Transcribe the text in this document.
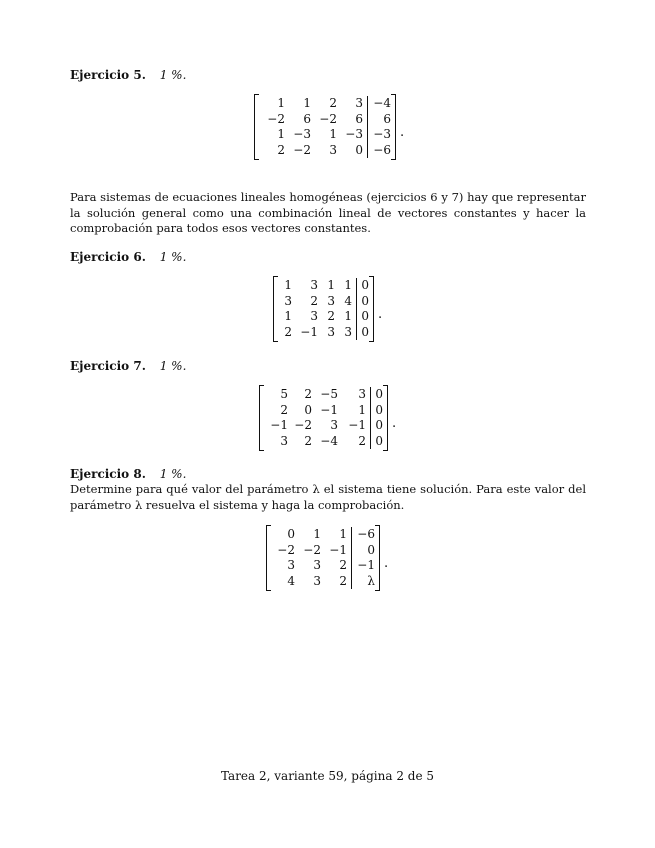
Ejercicio 5. 1 %.
1
−2
1
2
1
6
−3
−2
2
−2
1
3
3
6
−3
0
−4
6
−3
−6
.

Para sistemas de ecuaciones lineales homogéneas (ejercicios 6 y 7) hay que representar la solución general como una combinación lineal de vectores constantes y hacer la comprobación para todos esos vectores constantes.

Ejercicio 6. 1 %.
1
3
1
2
3
2
3
−1
1
3
2
3
1
4
1
3
0
0
0
0
.
Ejercicio 7. 1 %.
5
2
−1
3
2
0
−2
2
−5
−1
3
−4
3
1
−1
2
0
0
0
0
.
Ejercicio 8. 1 %.

Determine para qué valor del parámetro λ el sistema tiene solución. Para este valor del parámetro λ resuelva el sistema y haga la comprobación.

0
−2
3
4
1
−2
3
3
1
−1
2
2
−6
0
−1
λ
.
Tarea 2, variante 59, página 2 de 5
